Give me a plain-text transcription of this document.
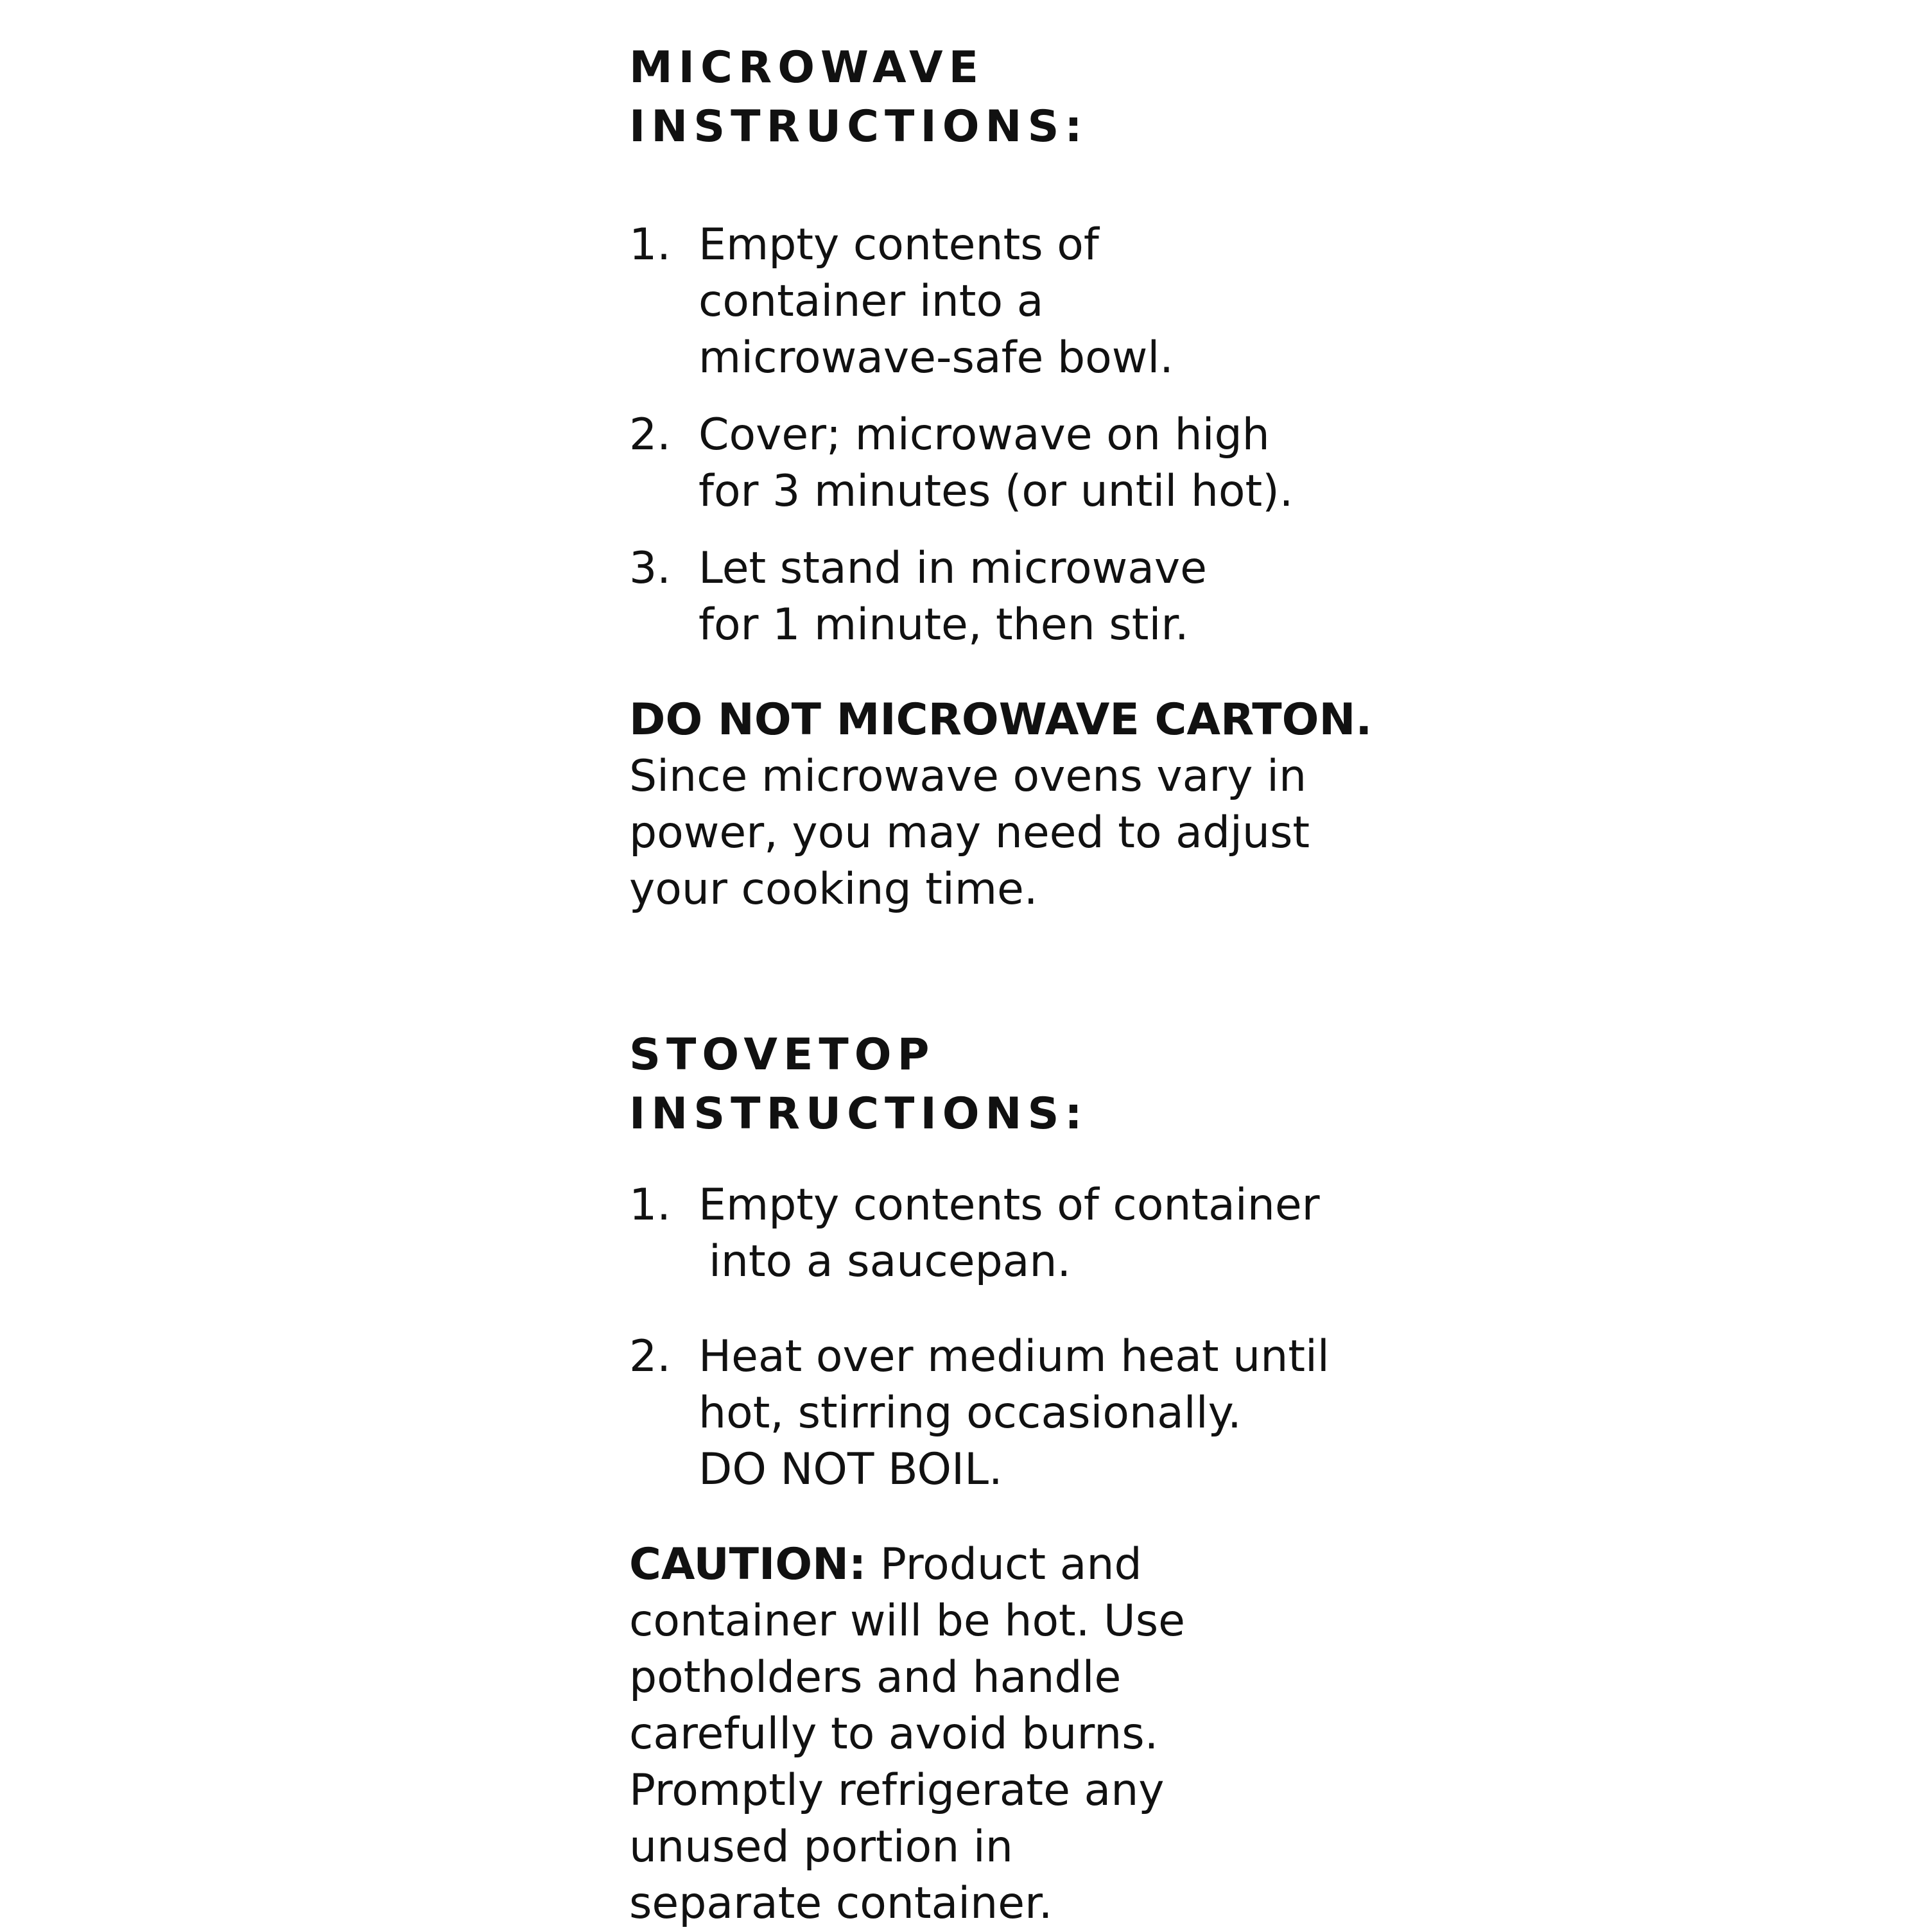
MICROWAVE
INSTRUCTIONS:
1. Empty contents of
container into a
microwave-safe bowl.
2. Cover; microwave on high
for 3 minutes (or until hot).
3. Let stand in microwave
for 1 minute, then stir.
DO NOT MICROWAVE CARTON.
Since microwave ovens vary in
power, you may need to adjust
your cooking time.
STOVETOP
INSTRUCTIONS:
1. Empty contents of container
into a saucepan.
2. Heat over medium heat until
hot, stirring occasionally.
DO NOT BOIL.
CAUTION: Product and
container will be hot. Use
potholders and handle
carefully to avoid burns.
Promptly refrigerate any
unused portion in
separate container.
